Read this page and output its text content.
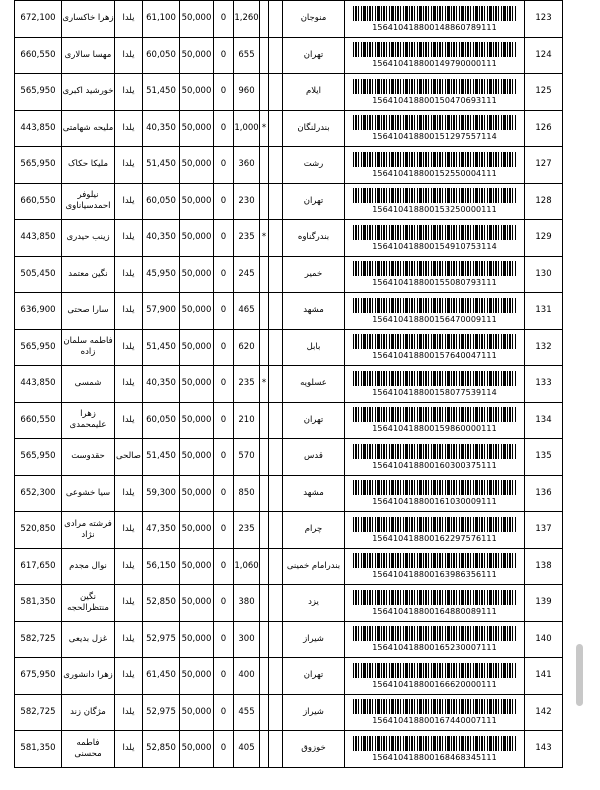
672,100	زهرا خاکساری	یلدا	61,100	50,000	0	1,260			منوجان	156410418800148860789111	123
660,550	مهسا سالاری	یلدا	60,050	50,000	0	655			تهران	156410418800149790000111	124
565,950	خورشید اکبری	یلدا	51,450	50,000	0	960			ایلام	156410418800150470693111	125
443,850	ملیحه شهامتی	یلدا	40,350	50,000	0	1,000	*		بندرلنگان	156410418800151297557114	126
565,950	ملیکا حکاک	یلدا	51,450	50,000	0	360			رشت	156410418800152550004111	127
660,550	نیلوفر احمدسیاناوی	یلدا	60,050	50,000	0	230			تهران	156410418800153250000111	128
443,850	زینب حیدری	یلدا	40,350	50,000	0	235	*		بندرگناوه	156410418800154910753114	129
505,450	نگین معتمد	یلدا	45,950	50,000	0	245			خمیر	156410418800155080793111	130
636,900	سارا صحتی	یلدا	57,900	50,000	0	465			مشهد	156410418800156470009111	131
565,950	فاطمه سلمان زاده	یلدا	51,450	50,000	0	620			بابل	156410418800157640047111	132
443,850	شمسی	یلدا	40,350	50,000	0	235	*		عسلویه	156410418800158077539114	133
660,550	زهرا علیمحمدی	یلدا	60,050	50,000	0	210			تهران	156410418800159860000111	134
565,950	حقدوست	صالحی	51,450	50,000	0	570			قدس	156410418800160300375111	135
652,300	سیا خشوعی	یلدا	59,300	50,000	0	850			مشهد	156410418800161030009111	136
520,850	فرشته مرادی نژاد	یلدا	47,350	50,000	0	235			چرام	156410418800162297576111	137
617,650	نوال مجدم	یلدا	56,150	50,000	0	1,060			بندرامام خمینی	156410418800163986356111	138
581,350	نگین منتظرالحجه	یلدا	52,850	50,000	0	380			یزد	156410418800164880089111	139
582,725	غزل بدیعی	یلدا	52,975	50,000	0	300			شیراز	156410418800165230007111	140
675,950	زهرا دانشوری	یلدا	61,450	50,000	0	400			تهران	156410418800166620000111	141
582,725	مژگان زند	یلدا	52,975	50,000	0	455			شیراز	156410418800167440007111	142
581,350	فاطمه محسنی	یلدا	52,850	50,000	0	405			خوزوق	156410418800168468345111	143
